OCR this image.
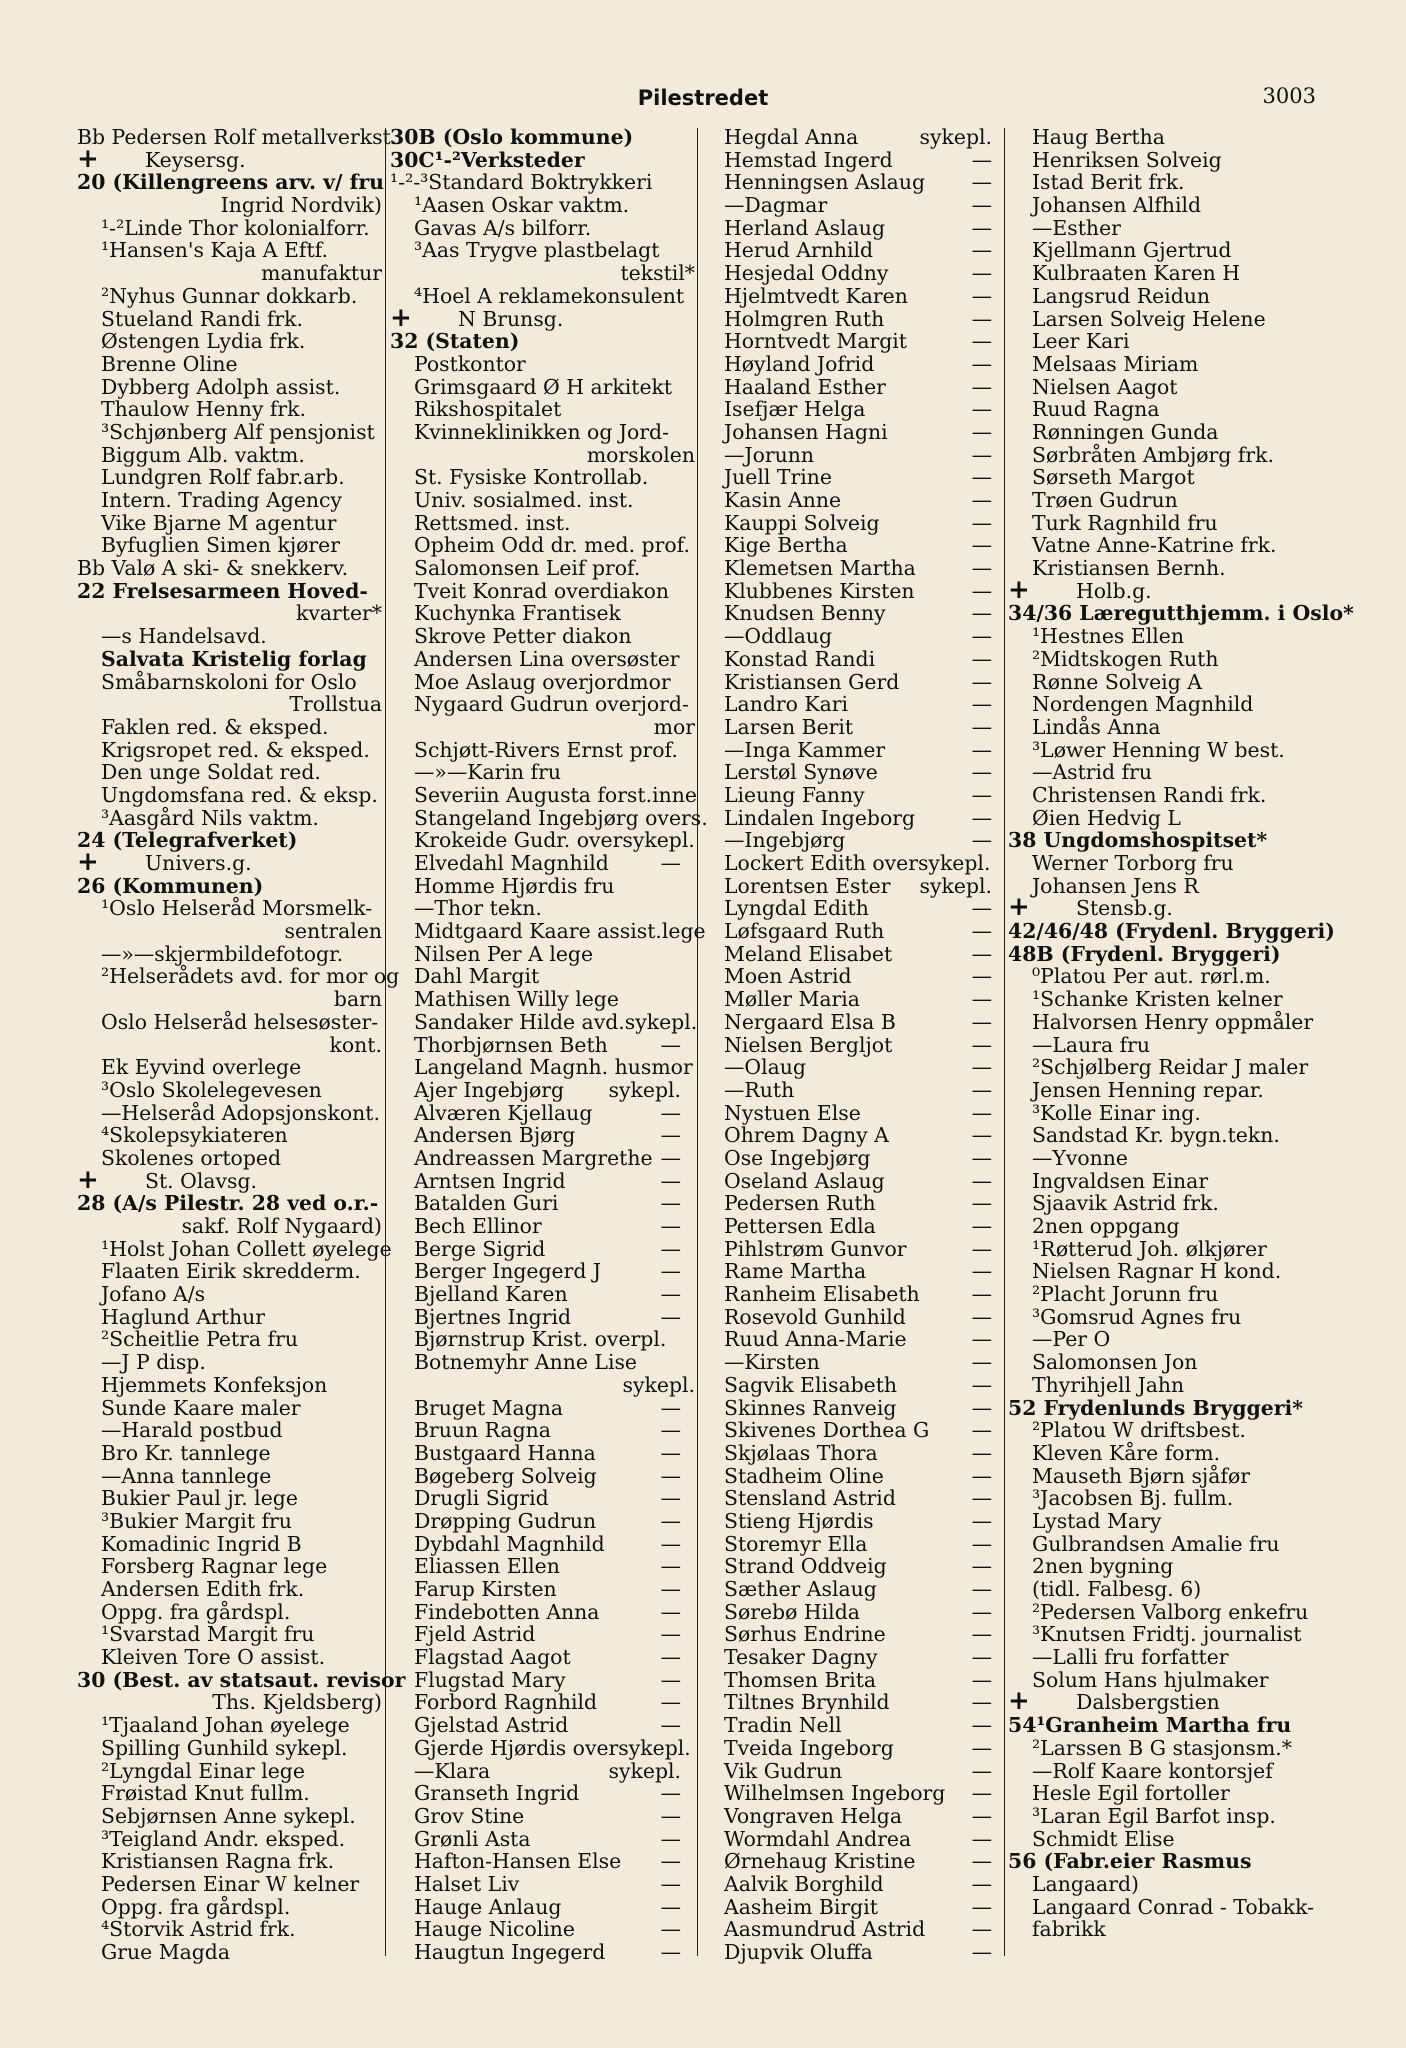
Pilestredet	3003
Bb Pedersen Rolf metallverkst.
+ Keysersg.
20 (Killengreens arv. v/ fru
Ingrid Nordvik)
¹-²Linde Thor kolonialforr.
¹Hansen's Kaja A Eftf.
manufaktur
²Nyhus Gunnar dokkarb.
Stueland Randi frk.
Østengen Lydia frk.
Brenne Oline
Dybberg Adolph assist.
Thaulow Henny frk.
³Schjønberg Alf pensjonist
Biggum Alb. vaktm.
Lundgren Rolf fabr.arb.
Intern. Trading Agency
Vike Bjarne M agentur
Byfuglien Simen kjører
Bb Valø A ski- & snekkerv.
22 Frelsesarmeen Hoved-
kvarter*
—s Handelsavd.
Salvata Kristelig forlag
Småbarnskoloni for Oslo
Trollstua
Faklen red. & eksped.
Krigsropet red. & eksped.
Den unge Soldat red.
Ungdomsfana red. & eksp.
³Aasgård Nils vaktm.
24 (Telegrafverket)
+ Univers.g.
26 (Kommunen)
¹Oslo Helseråd Morsmelk-
sentralen
—»—skjermbildefotogr.
²Helserådets avd. for mor og
barn
Oslo Helseråd helsesøster-
kont.
Ek Eyvind overlege
³Oslo Skolelegevesen
—Helseråd Adopsjonskont.
⁴Skolepsykiateren
Skolenes ortoped
+ St. Olavsg.
28 (A/s Pilestr. 28 ved o.r.-
sakf. Rolf Nygaard)
¹Holst Johan Collett øyelege
Flaaten Eirik skredderm.
Jofano A/s
Haglund Arthur
²Scheitlie Petra fru
—J P disp.
Hjemmets Konfeksjon
Sunde Kaare maler
—Harald postbud
Bro Kr. tannlege
—Anna tannlege
Bukier Paul jr. lege
³Bukier Margit fru
Komadinic Ingrid B
Forsberg Ragnar lege
Andersen Edith frk.
Oppg. fra gårdspl.
¹Svarstad Margit fru
Kleiven Tore O assist.
30 (Best. av statsaut. revisor
Ths. Kjeldsberg)
¹Tjaaland Johan øyelege
Spilling Gunhild sykepl.
²Lyngdal Einar lege
Frøistad Knut fullm.
Sebjørnsen Anne sykepl.
³Teigland Andr. eksped.
Kristiansen Ragna frk.
Pedersen Einar W kelner
Oppg. fra gårdspl.
⁴Storvik Astrid frk.
Grue Magda
30B (Oslo kommune)
30C¹-²Verksteder
¹-²-³Standard Boktrykkeri
¹Aasen Oskar vaktm.
Gavas A/s bilforr.
³Aas Trygve plastbelagt
tekstil*
⁴Hoel A reklamekonsulent
+ N Brunsg.
32 (Staten)
Postkontor
Grimsgaard Ø H arkitekt
Rikshospitalet
Kvinneklinikken og Jord-
morskolen
St. Fysiske Kontrollab.
Univ. sosialmed. inst.
Rettsmed. inst.
Opheim Odd dr. med. prof.
Salomonsen Leif prof.
Tveit Konrad overdiakon
Kuchynka Frantisek
Skrove Petter diakon
Andersen Lina oversøster
Moe Aslaug overjordmor
Nygaard Gudrun overjord-
mor
Schjøtt-Rivers Ernst prof.
—»—Karin fru
Severiin Augusta forst.inne
Stangeland Ingebjørg overs.
Krokeide Gudr. oversykepl.
Elvedahl Magnhild	—
Homme Hjørdis fru
—Thor tekn.
Midtgaard Kaare assist.lege
Nilsen Per A lege
Dahl Margit
Mathisen Willy lege
Sandaker Hilde avd.sykepl.
Thorbjørnsen Beth	—
Langeland Magnh. husmor
Ajer Ingebjørg sykepl.
Alværen Kjellaug	—
Andersen Bjørg	—
Andreassen Margrethe —
Arntsen Ingrid	—
Batalden Guri	—
Bech Ellinor	—
Berge Sigrid	—
Berger Ingegerd J	—
Bjelland Karen	—
Bjertnes Ingrid	—
Bjørnstrup Krist. overpl.
Botnemyhr Anne Lise
sykepl.
Bruget Magna	—
Bruun Ragna	—
Bustgaard Hanna	—
Bøgeberg Solveig	—
Drugli Sigrid	—
Drøpping Gudrun	—
Dybdahl Magnhild	—
Eliassen Ellen	—
Farup Kirsten	—
Findebotten Anna	—
Fjeld Astrid	—
Flagstad Aagot	—
Flugstad Mary	—
Forbord Ragnhild	—
Gjelstad Astrid	—
Gjerde Hjørdis oversykepl.
—Klara	sykepl.
Granseth Ingrid	—
Grov Stine	—
Grønli Asta	—
Hafton-Hansen Else —
Halset Liv	—
Hauge Anlaug	—
Hauge Nicoline	—
Haugtun Ingegerd	—
Hegdal Anna	sykepl.
Hemstad Ingerd	—
Henningsen Aslaug —
—Dagmar	—
Herland Aslaug	—
Herud Arnhild	—
Hesjedal Oddny	—
Hjelmtvedt Karen	—
Holmgren Ruth	—
Horntvedt Margit	—
Høyland Jofrid	—
Haaland Esther	—
Isefjær Helga	—
Johansen Hagni	—
—Jorunn	—
Juell Trine	—
Kasin Anne	—
Kauppi Solveig	—
Kige Bertha	—
Klemetsen Martha	—
Klubbenes Kirsten	—
Knudsen Benny	—
—Oddlaug	—
Konstad Randi	—
Kristiansen Gerd	—
Landro Kari	—
Larsen Berit	—
—Inga Kammer	—
Lerstøl Synøve	—
Lieung Fanny	—
Lindalen Ingeborg	—
—Ingebjørg	—
Lockert Edith oversykepl.
Lorentsen Ester sykepl.
Lyngdal Edith	—
Løfsgaard Ruth	—
Meland Elisabet	—
Moen Astrid	—
Møller Maria	—
Nergaard Elsa B	—
Nielsen Bergljot	—
—Olaug	—
—Ruth	—
Nystuen Else	—
Ohrem Dagny A	—
Ose Ingebjørg	—
Oseland Aslaug	—
Pedersen Ruth	—
Pettersen Edla	—
Pihlstrøm Gunvor	—
Rame Martha	—
Ranheim Elisabeth	—
Rosevold Gunhild	—
Ruud Anna-Marie	—
—Kirsten	—
Sagvik Elisabeth	—
Skinnes Ranveig	—
Skivenes Dorthea G —
Skjølaas Thora	—
Stadheim Oline	—
Stensland Astrid	—
Stieng Hjørdis	—
Storemyr Ella	—
Strand Oddveig	—
Sæther Aslaug	—
Sørebø Hilda	—
Sørhus Endrine	—
Tesaker Dagny	—
Thomsen Brita	—
Tiltnes Brynhild	—
Tradin Nell	—
Tveida Ingeborg	—
Vik Gudrun	—
Wilhelmsen Ingeborg —
Vongraven Helga	—
Wormdahl Andrea	—
Ørnehaug Kristine	—
Aalvik Borghild	—
Aasheim Birgit	—
Aasmundrud Astrid —
Djupvik Oluffa	—
Haug Bertha
Henriksen Solveig
Istad Berit frk.
Johansen Alfhild
—Esther
Kjellmann Gjertrud
Kulbraaten Karen H
Langsrud Reidun
Larsen Solveig Helene
Leer Kari
Melsaas Miriam
Nielsen Aagot
Ruud Ragna
Rønningen Gunda
Sørbråten Ambjørg frk.
Sørseth Margot
Trøen Gudrun
Turk Ragnhild fru
Vatne Anne-Katrine frk.
Kristiansen Bernh.
+ Holb.g.
34/36 Læregutthjemm. i Oslo*
¹Hestnes Ellen
²Midtskogen Ruth
Rønne Solveig A
Nordengen Magnhild
Lindås Anna
³Løwer Henning W best.
—Astrid fru
Christensen Randi frk.
Øien Hedvig L
38 Ungdomshospitset*
Werner Torborg fru
Johansen Jens R
+ Stensb.g.
42/46/48 (Frydenl. Bryggeri)
48B (Frydenl. Bryggeri)
⁰Platou Per aut. rørl.m.
¹Schanke Kristen kelner
Halvorsen Henry oppmåler
—Laura fru
²Schjølberg Reidar J maler
Jensen Henning repar.
³Kolle Einar ing.
Sandstad Kr. bygn.tekn.
—Yvonne
Ingvaldsen Einar
Sjaavik Astrid frk.
2nen oppgang
¹Røtterud Joh. ølkjører
Nielsen Ragnar H kond.
²Placht Jorunn fru
³Gomsrud Agnes fru
—Per O
Salomonsen Jon
Thyrihjell Jahn
52 Frydenlunds Bryggeri*
²Platou W driftsbest.
Kleven Kåre form.
Mauseth Bjørn sjåfør
³Jacobsen Bj. fullm.
Lystad Mary
Gulbrandsen Amalie fru
2nen bygning
(tidl. Falbesg. 6)
²Pedersen Valborg enkefru
³Knutsen Fridtj. journalist
—Lalli fru forfatter
Solum Hans hjulmaker
+ Dalsbergstien
54¹Granheim Martha fru
²Larssen B G stasjonsm.*
—Rolf Kaare kontorsjef
Hesle Egil fortoller
³Laran Egil Barfot insp.
Schmidt Elise
56 (Fabr.eier Rasmus
Langaard)
Langaard Conrad - Tobakk-
fabrikk
